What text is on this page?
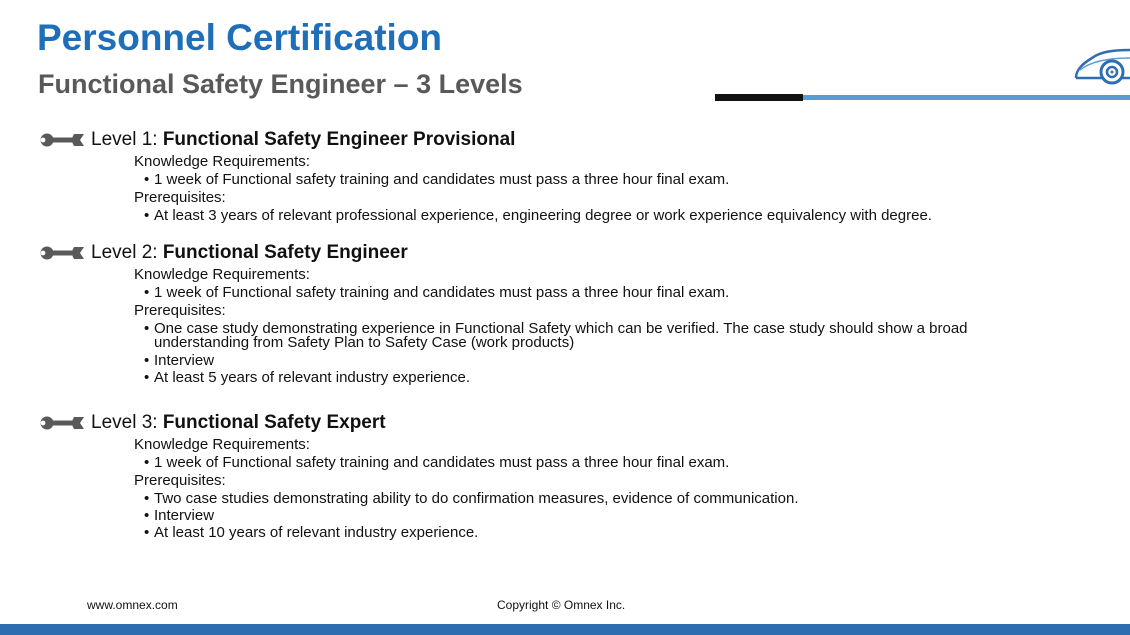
Personnel Certification
Functional Safety Engineer – 3 Levels
Level 1: Functional Safety Engineer Provisional
Knowledge Requirements:
• 1 week of Functional safety training and candidates must pass a three hour final exam.
Prerequisites:
• At least 3 years of relevant professional experience, engineering degree or work experience equivalency with degree.
Level 2: Functional Safety Engineer
Knowledge Requirements:
• 1 week of Functional safety training and candidates must pass a three hour final exam.
Prerequisites:
• One case study demonstrating experience in Functional Safety which can be verified. The case study should show a broad understanding from Safety Plan to Safety Case (work products)
• Interview
• At least 5 years of relevant industry experience.
Level 3: Functional Safety Expert
Knowledge Requirements:
• 1 week of Functional safety training and candidates must pass a three hour final exam.
Prerequisites:
• Two case studies demonstrating ability to do confirmation measures, evidence of communication.
• Interview
• At least 10 years of relevant industry experience.
www.omnex.com	Copyright © Omnex Inc.
